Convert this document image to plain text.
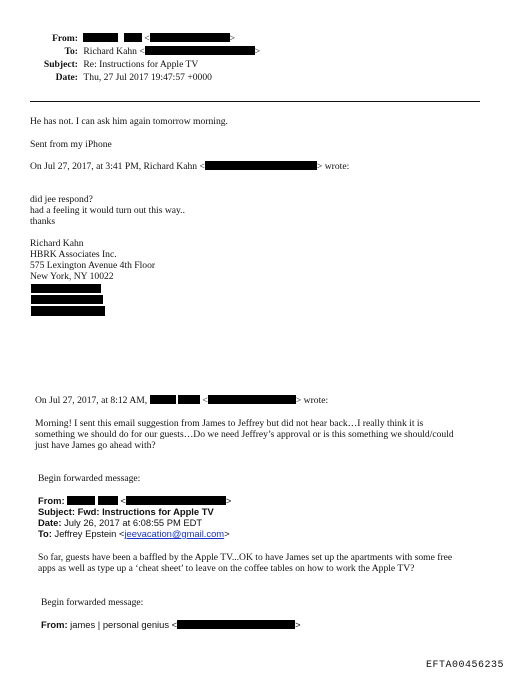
From:	<	>
To: Richard Kahn <	>
Subject: Re: Instructions for Apple TV
Date: Thu, 27 Jul 2017 19:47:57 +0000
He has not. I can ask him again tomorrow morning.
Sent from my iPhone
On Jul 27, 2017, at 3:41 PM, Richard Kahn <	> wrote:
did jee respond?
had a feeling it would turn out this way..
thanks
Richard Kahn
HBRK Associates Inc.
575 Lexington Avenue 4th Floor
New York, NY 10022
On Jul 27, 2017, at 8:12 AM,	<	> wrote:
Morning! I sent this email suggestion from James to Jeffrey but did not hear back…I really think it is
something we should do for our guests…Do we need Jeffrey’s approval or is this something we should/could
just have James go ahead with?
Begin forwarded message:
From:	<	>
Subject: Fwd: Instructions for Apple TV
Date: July 26, 2017 at 6:08:55 PM EDT
To: Jeffrey Epstein <jeevacation@gmail.com>
So far, guests have been a baffled by the Apple TV...OK to have James set up the apartments with some free
apps as well as type up a ‘cheat sheet’ to leave on the coffee tables on how to work the Apple TV?
Begin forwarded message:
From: james | personal genius <	>
EFTA00456235
